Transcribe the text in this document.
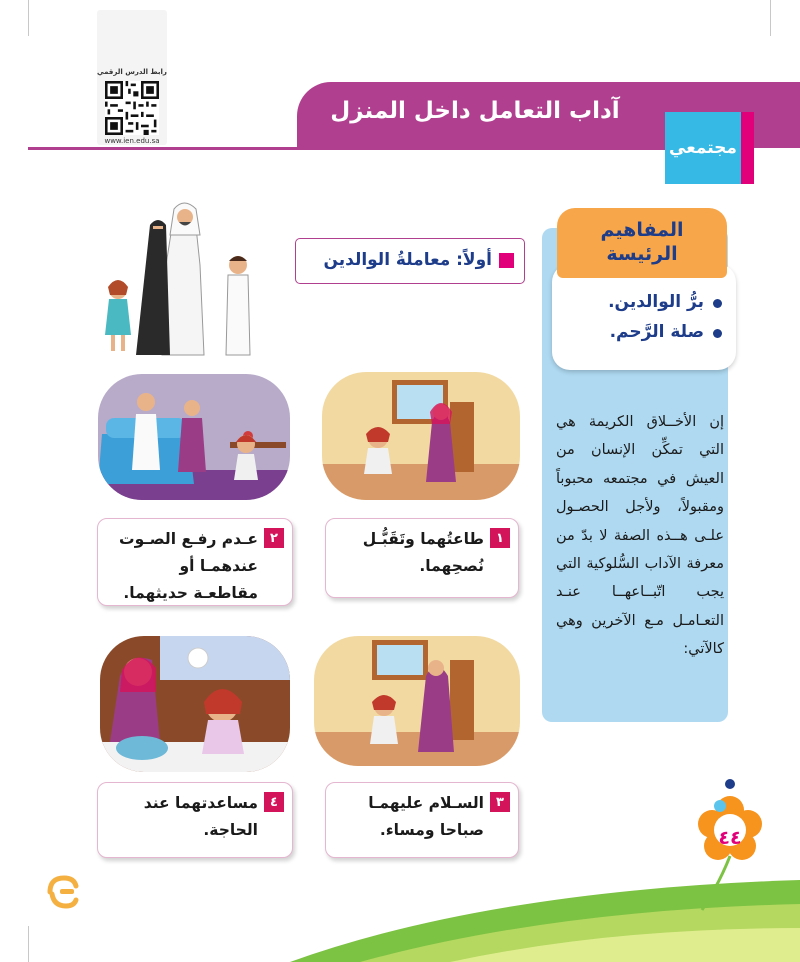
رابط الدرس الرقمي
www.ien.edu.sa
آداب التعامل داخل المنزل
مجتمعي
برُّ الوالدين.
صلة الرَّحم.
المفاهيم الرئيسة

إن الأخــلاق الكريمة هي التي تمكِّن الإنسان من العيش في مجتمعه محبوباً ومقبولاً، ولأجل الحصـول علـى هــذه الصفة لا بدّ من معرفة الآداب السُّلوكية التي يجب اتّبــاعهــا عنـد التعـامـل مـع الآخرين وهي كالآتي:

أولاً: معاملةُ الوالدين
١

طاعتُهما وتَقَبُّـل نُصحِهما.

٢

عـدم رفـع الصـوت عندهمـا أو مقاطعـة حديثهما.

٣

السـلام عليهمـا صباحا ومساء.

٤

مساعدتهما عند الحاجة.	٤٤
